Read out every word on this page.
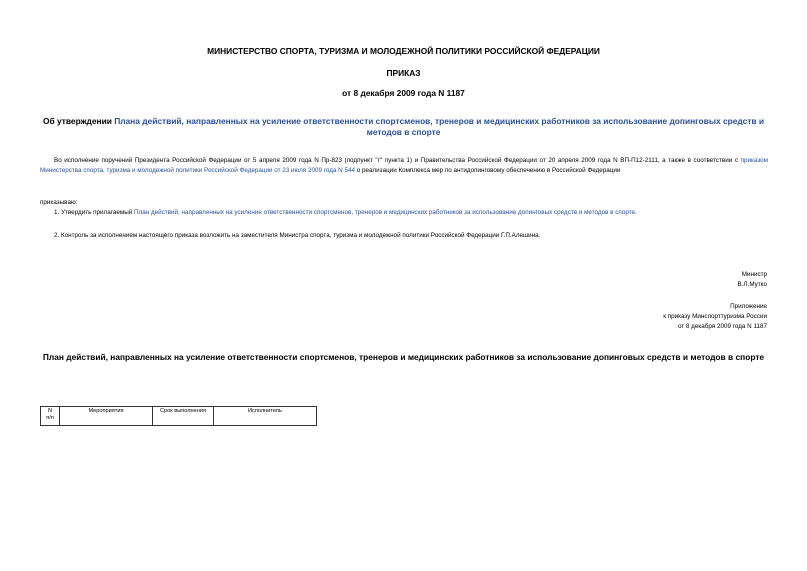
МИНИСТЕРСТВО СПОРТА, ТУРИЗМА И МОЛОДЕЖНОЙ ПОЛИТИКИ РОССИЙСКОЙ ФЕДЕРАЦИИ
ПРИКАЗ
от 8 декабря 2009 года N 1187
Об утверждении Плана действий, направленных на усиление ответственности спортсменов, тренеров и медицинских работников за использование допинговых средств и методов в спорте
Во исполнение поручений Президента Российской Федерации от 5 апреля 2009 года N Пр-823 (подпункт "г" пункта 1) и Правительства Российской Федерации от 20 апреля 2009 года N ВП-П12-2111, а также в соответствии с приказом Министерства спорта, туризма и молодежной политики Российской Федерации от 23 июля 2009 года N 544 о реализации Комплекса мер по антидопинговому обеспечению в Российской Федерации
приказываю:
1. Утвердить прилагаемый План действий, направленных на усиление ответственности спортсменов, тренеров и медицинских работников за использование допинговых средств и методов в спорте.
2. Контроль за исполнением настоящего приказа возложить на заместителя Министра спорта, туризма и молодежной политики Российской Федерации Г.П.Алешина.
Министр
В.Л.Мутко
Приложение
к приказу Минспорттуризма России
от 8 декабря 2009 года N 1187
План действий, направленных на усиление ответственности спортсменов, тренеров и медицинских работников за использование допинговых средств и методов в спорте
N
п/п	Мероприятия	Срок выполнения	Исполнитель
